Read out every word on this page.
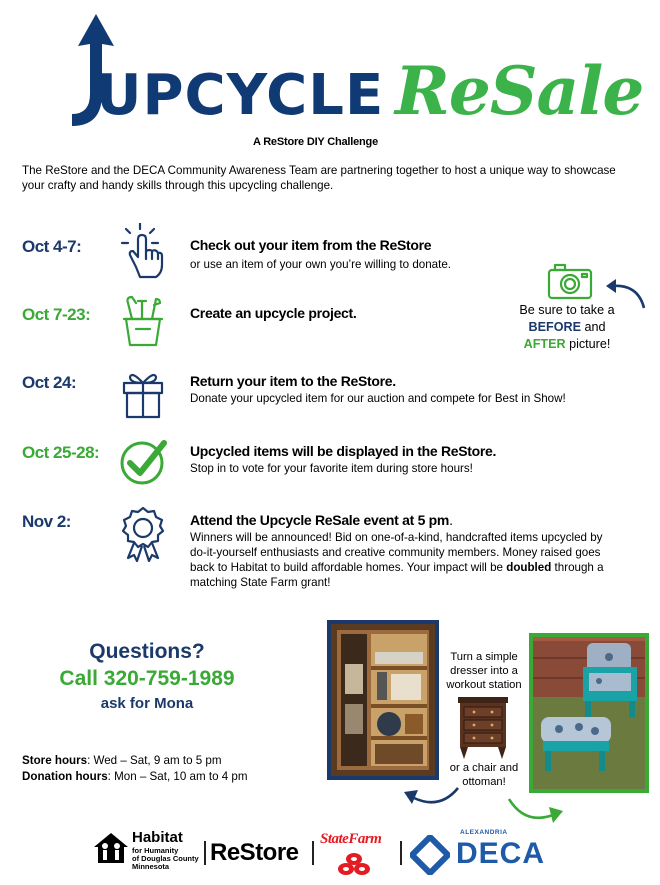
UPCYCLE ReSale
A ReStore DIY Challenge
The ReStore and the DECA Community Awareness Team are partnering together to host a unique way to showcase your crafty and handy skills through this upcycling challenge.
Oct 4-7:	Check out your item from the ReStore
or use an item of your own you’re willing to donate.
Oct 7-23:	Create an upcycle project.
Oct 24:	Return your item to the ReStore.
Donate your upcycled item for our auction and compete for Best in Show!
Oct 25-28:	Upcycled items will be displayed in the ReStore.
Stop in to vote for your favorite item during store hours!
Nov 2:	Attend the Upcycle ReSale event at 5 pm.
Winners will be announced! Bid on one-of-a-kind, handcrafted items upcycled by do-it-yourself enthusiasts and creative community members. Money raised goes back to Habitat to build affordable homes. Your impact will be doubled through a matching State Farm grant!
Be sure to take a
BEFORE and
AFTER picture!
Questions?
Call 320-759-1989
ask for Mona
Store hours: Wed – Sat, 9 am to 5 pm
Donation hours: Mon – Sat, 10 am to 4 pm
Turn a simple dresser into a workout station
or a chair and ottoman!
Habitat
for Humanity
of Douglas County
Minnesota
ReStore StateFarm	ALEXANDRIA
DECA
